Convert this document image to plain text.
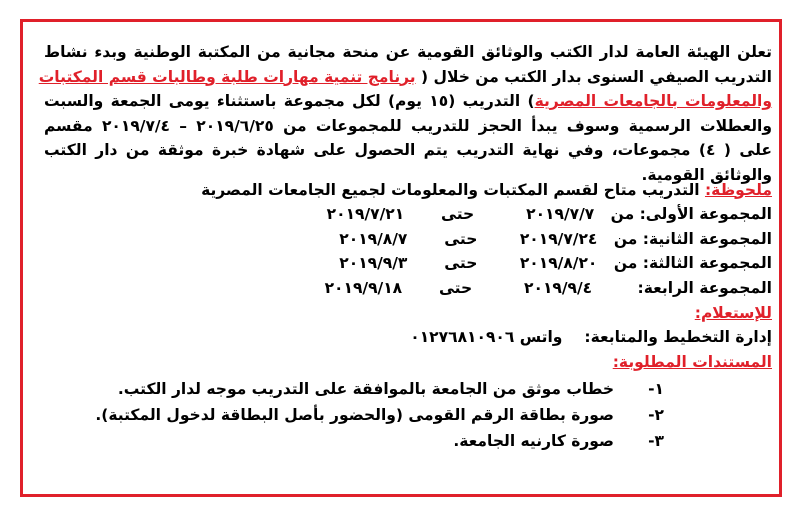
تعلن الهيئة العامة لدار الكتب والوثائق القومية عن منحة مجانية من المكتبة الوطنية وبدء نشاط
التدريب الصيفي السنوى بدار الكتب من خلال ( برنامج تنمية مهارات طلبة وطالبات قسم المكتبات
والمعلومات بالجامعات المصرية) التدريب (١٥ يوم) لكل مجموعة باستثناء يومى الجمعة والسبت
والعطلات الرسمية وسوف يبدأ الحجز للتدريب للمجموعات من ٢٠١٩/٦/٢٥ – ٢٠١٩/٧/٤ مقسم
على ( ٤) مجموعات، وفي نهاية التدريب يتم الحصول على شهادة خبرة موثقة من دار الكتب
والوثائق القومية.
ملحوظة: التدريب متاح لقسم المكتبات والمعلومات لجميع الجامعات المصرية
المجموعة الأولى: من٢٠١٩/٧/٧حتى٢٠١٩/٧/٢١
المجموعة الثانية: من٢٠١٩/٧/٢٤حتى٢٠١٩/٨/٧
المجموعة الثالثة: من٢٠١٩/٨/٢٠حتى٢٠١٩/٩/٣
المجموعة الرابعة: ٢٠١٩/٩/٤حتى٢٠١٩/٩/١٨
للإستعلام:
إدارة التخطيط والمتابعة:واتس ٠١٢٧٦٨١٠٩٠٦
المستندات المطلوبة:
١-خطاب موثق من الجامعة بالموافقة على التدريب موجه لدار الكتب.
٢-صورة بطاقة الرقم القومى (والحضور بأصل البطاقة لدخول المكتبة).
٣-صورة كارنيه الجامعة.
